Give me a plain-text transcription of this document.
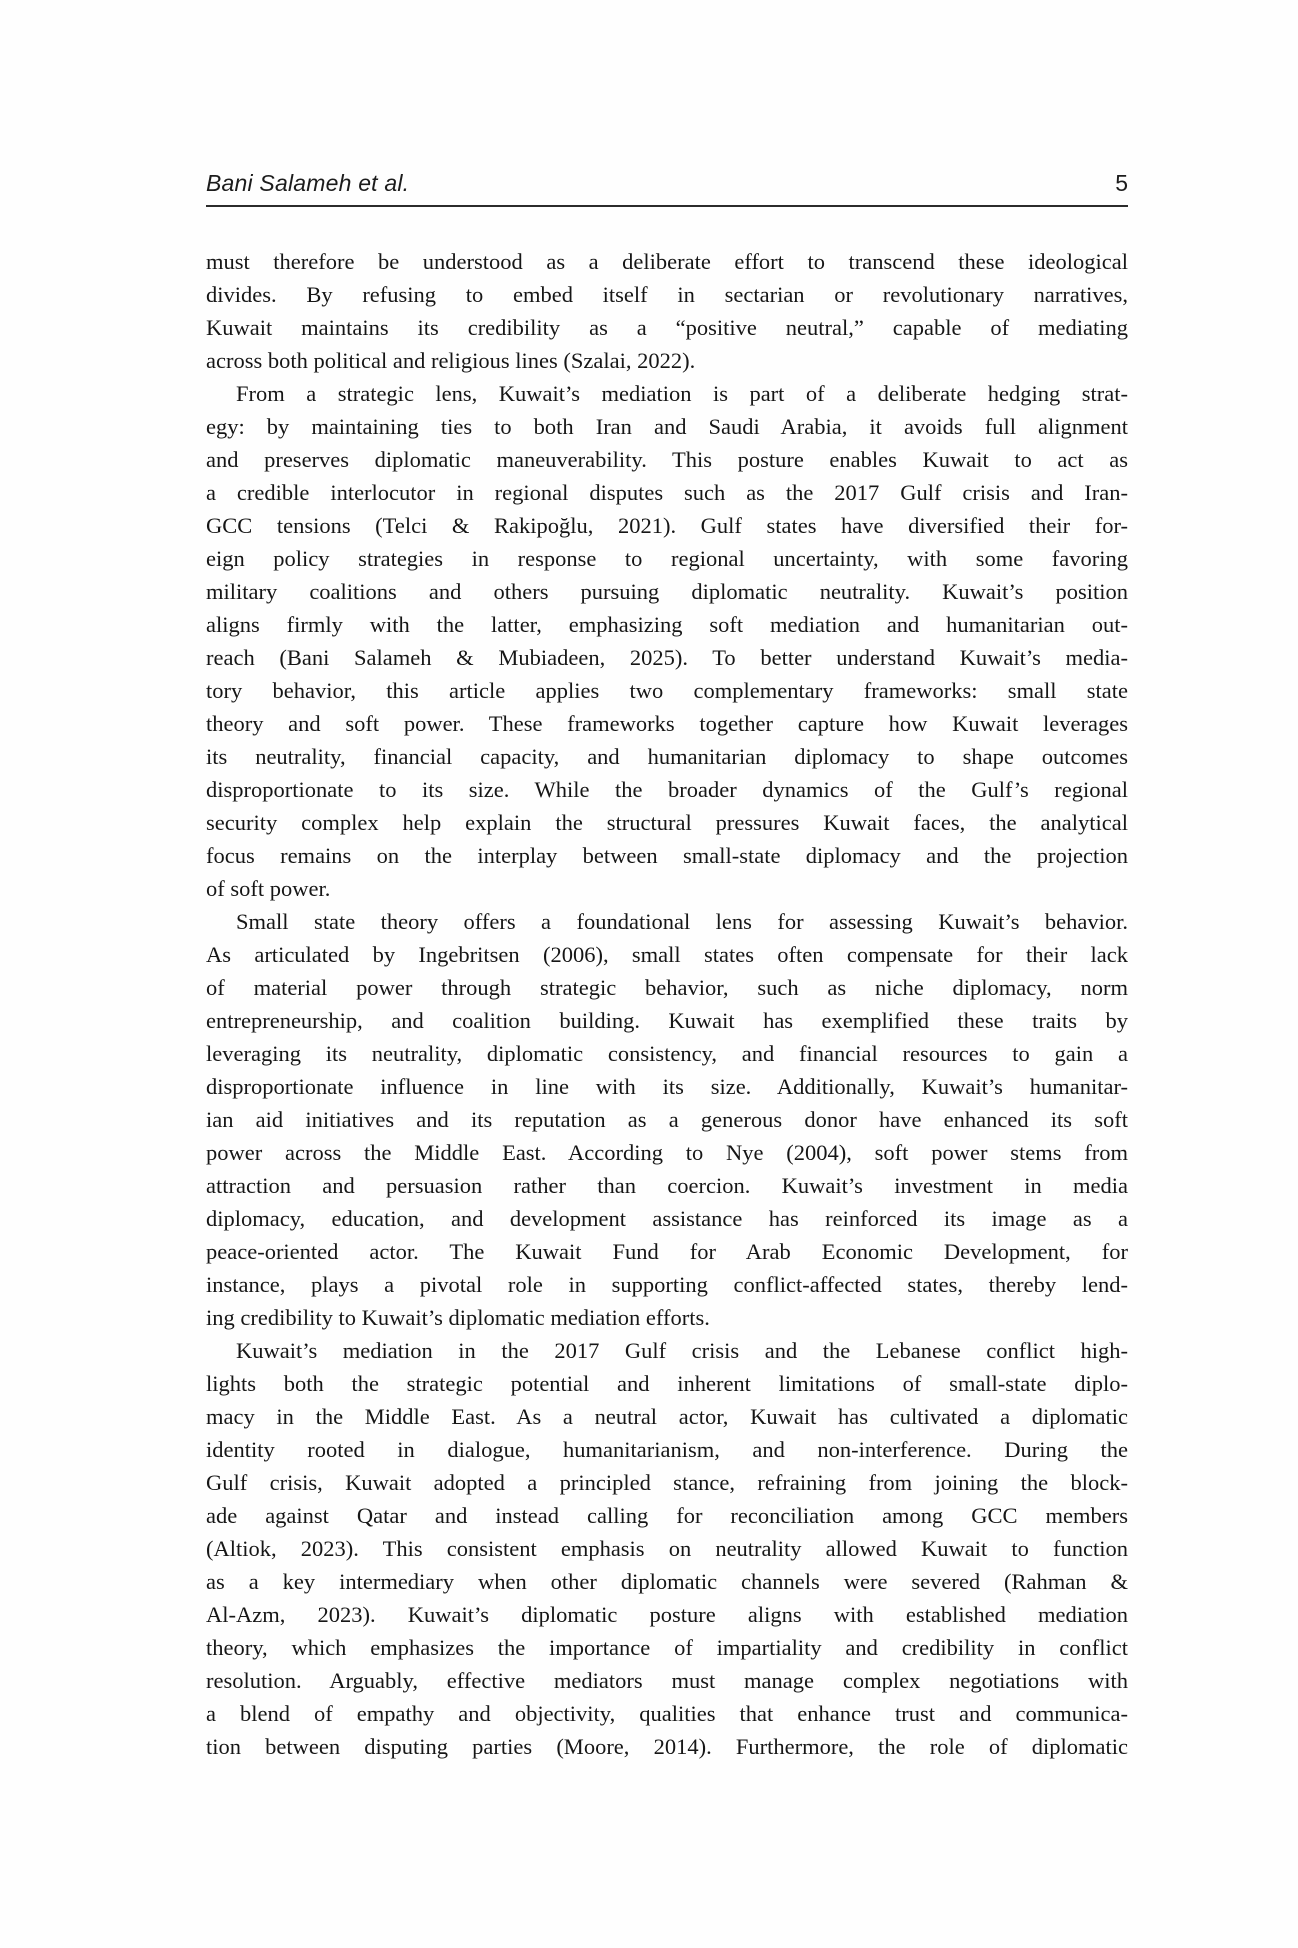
Bani Salameh et al.	5
must therefore be understood as a deliberate effort to transcend these ideological
divides. By refusing to embed itself in sectarian or revolutionary narratives,
Kuwait maintains its credibility as a “positive neutral,” capable of mediating
across both political and religious lines (Szalai, 2022).
From a strategic lens, Kuwait’s mediation is part of a deliberate hedging strat-
egy: by maintaining ties to both Iran and Saudi Arabia, it avoids full alignment
and preserves diplomatic maneuverability. This posture enables Kuwait to act as
a credible interlocutor in regional disputes such as the 2017 Gulf crisis and Iran-
GCC tensions (Telci & Rakipoğlu, 2021). Gulf states have diversified their for-
eign policy strategies in response to regional uncertainty, with some favoring
military coalitions and others pursuing diplomatic neutrality. Kuwait’s position
aligns firmly with the latter, emphasizing soft mediation and humanitarian out-
reach (Bani Salameh & Mubiadeen, 2025). To better understand Kuwait’s media-
tory behavior, this article applies two complementary frameworks: small state
theory and soft power. These frameworks together capture how Kuwait leverages
its neutrality, financial capacity, and humanitarian diplomacy to shape outcomes
disproportionate to its size. While the broader dynamics of the Gulf’s regional
security complex help explain the structural pressures Kuwait faces, the analytical
focus remains on the interplay between small-state diplomacy and the projection
of soft power.
Small state theory offers a foundational lens for assessing Kuwait’s behavior.
As articulated by Ingebritsen (2006), small states often compensate for their lack
of material power through strategic behavior, such as niche diplomacy, norm
entrepreneurship, and coalition building. Kuwait has exemplified these traits by
leveraging its neutrality, diplomatic consistency, and financial resources to gain a
disproportionate influence in line with its size. Additionally, Kuwait’s humanitar-
ian aid initiatives and its reputation as a generous donor have enhanced its soft
power across the Middle East. According to Nye (2004), soft power stems from
attraction and persuasion rather than coercion. Kuwait’s investment in media
diplomacy, education, and development assistance has reinforced its image as a
peace-oriented actor. The Kuwait Fund for Arab Economic Development, for
instance, plays a pivotal role in supporting conflict-affected states, thereby lend-
ing credibility to Kuwait’s diplomatic mediation efforts.
Kuwait’s mediation in the 2017 Gulf crisis and the Lebanese conflict high-
lights both the strategic potential and inherent limitations of small-state diplo-
macy in the Middle East. As a neutral actor, Kuwait has cultivated a diplomatic
identity rooted in dialogue, humanitarianism, and non-interference. During the
Gulf crisis, Kuwait adopted a principled stance, refraining from joining the block-
ade against Qatar and instead calling for reconciliation among GCC members
(Altiok, 2023). This consistent emphasis on neutrality allowed Kuwait to function
as a key intermediary when other diplomatic channels were severed (Rahman &
Al-Azm, 2023). Kuwait’s diplomatic posture aligns with established mediation
theory, which emphasizes the importance of impartiality and credibility in conflict
resolution. Arguably, effective mediators must manage complex negotiations with
a blend of empathy and objectivity, qualities that enhance trust and communica-
tion between disputing parties (Moore, 2014). Furthermore, the role of diplomatic
